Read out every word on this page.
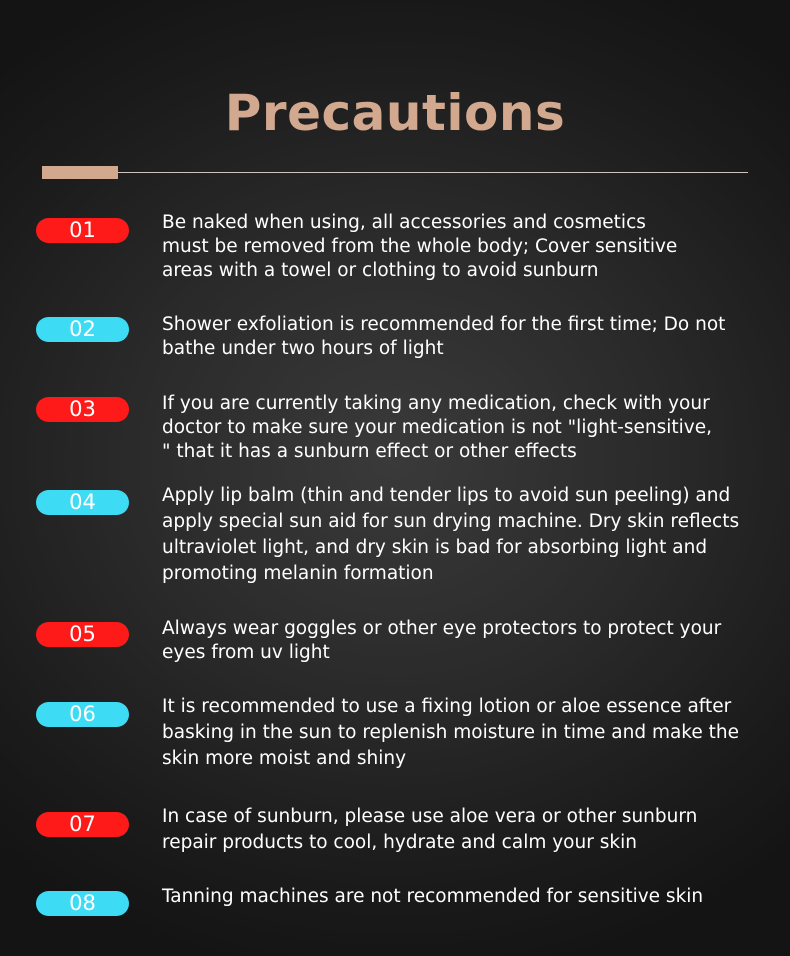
Precautions
01	Be naked when using, all accessories and cosmetics
must be removed from the whole body; Cover sensitive
areas with a towel or clothing to avoid sunburn

02	Shower exfoliation is recommended for the first time; Do not
bathe under two hours of light

03	If you are currently taking any medication, check with your
doctor to make sure your medication is not "light-sensitive,
" that it has a sunburn effect or other effects

04	Apply lip balm (thin and tender lips to avoid sun peeling) and
apply special sun aid for sun drying machine. Dry skin reflects
ultraviolet light, and dry skin is bad for absorbing light and
promoting melanin formation

05	Always wear goggles or other eye protectors to protect your
eyes from uv light

06	It is recommended to use a fixing lotion or aloe essence after
basking in the sun to replenish moisture in time and make the
skin more moist and shiny

07	In case of sunburn, please use aloe vera or other sunburn
repair products to cool, hydrate and calm your skin

08	Tanning machines are not recommended for sensitive skin
